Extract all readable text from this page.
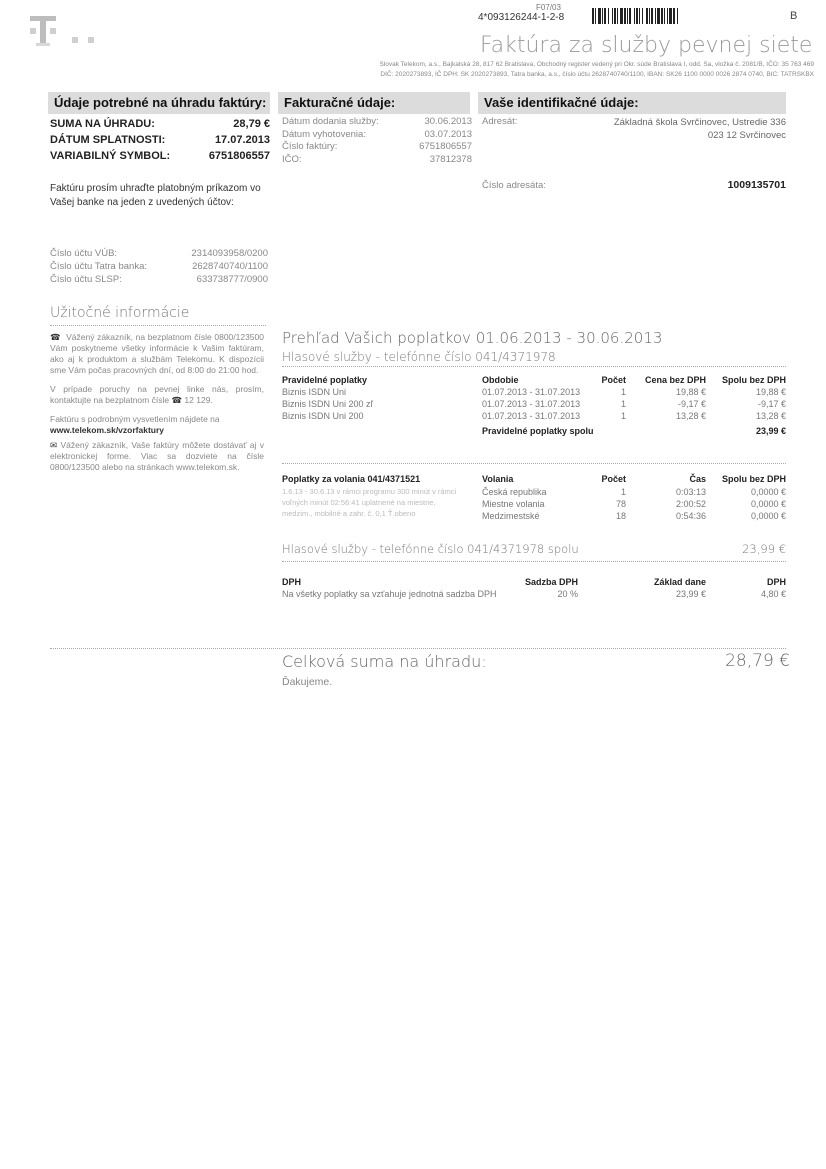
F07/03
4*093126244-1-2-8	B
Faktúra za služby pevnej siete
Slovak Telekom, a.s., Bajkalská 28, 817 62 Bratislava, Obchodný register vedený pri Okr. súde Bratislava I, odd. Sa, vložka č. 2081/B, IČO: 35 763 469
DIČ: 2020273893, IČ DPH: SK 2020273893, Tatra banka, a.s., číslo účtu 2628740740/1100, IBAN: SK26 1100 0000 0026 2874 0740, BIC: TATRSKBX
Údaje potrebné na úhradu faktúry:	Fakturačné údaje:	Vaše identifikačné údaje:
SUMA NA ÚHRADU:	28,79 €
DÁTUM SPLATNOSTI:	17.07.2013
VARIABILNÝ SYMBOL:	6751806557
Faktúru prosím uhraďte platobným príkazom vo Vašej banke na jeden z uvedených účtov:
Číslo účtu VÚB:	2314093958/0200
Číslo účtu Tatra banka:	2628740740/1100
Číslo účtu SLSP:	633738777/0900
Dátum dodania služby:	30.06.2013
Dátum vyhotovenia:	03.07.2013
Číslo faktúry:	6751806557
IČO:	37812378
Adresát:	Základná škola Svrčinovec, Ustredie 336
023 12 Svrčinovec
Číslo adresáta:	1009135701
Užitočné informácie

☎ Vážený zákazník, na bezplatnom čísle 0800/123500 Vám poskytneme všetky informácie k Vašim faktúram, ako aj k produktom a službám Telekomu. K dispozícii sme Vám počas pracovných dní, od 8:00 do 21:00 hod.

V prípade poruchy na pevnej linke nás, prosím, kontaktujte na bezplatnom čísle ☎ 12 129.

Faktúru s podrobným vysvetlením nájdete na

www.telekom.sk/vzorfaktury

✉ Vážený zákazník, Vaše faktúry môžete dostávať aj v elektronickej forme. Viac sa dozviete na čísle 0800/123500 alebo na stránkach www.telekom.sk.

Prehľad Vašich poplatkov 01.06.2013 - 30.06.2013
Hlasové služby - telefónne číslo 041/4371978
Pravidelné poplatky	Obdobie	Počet	Cena bez DPH	Spolu bez DPH
Biznis ISDN Uni	01.07.2013 - 31.07.2013	1	19,88 €	19,88 €
Biznis ISDN Uni 200 zľ	01.07.2013 - 31.07.2013	1	-9,17 €	-9,17 €
Biznis ISDN Uni 200	01.07.2013 - 31.07.2013	1	13,28 €	13,28 €
Pravidelné poplatky spolu	23,99 €
Poplatky za volania 041/4371521	Volania	Počet	Čas	Spolu bez DPH
1.6.13 - 30.6.13 v rámci programu 300 minút v rámci voľných minút 02:56:41 uplatnené na miestne, medzim., mobilné a zahr. č. 0,1 Ť.obeno
Česká republika	1	0:03:13	0,0000 €
Miestne volania	78	2:00:52	0,0000 €
Medzimestské	18	0:54:36	0,0000 €
Hlasové služby - telefónne číslo 041/4371978 spolu	23,99 €
DPH	Sadzba DPH	Základ dane	DPH
Na všetky poplatky sa vzťahuje jednotná sadzba DPH	20 %	23,99 €	4,80 €
Celková suma na úhradu:	28,79 €
Ďakujeme.
